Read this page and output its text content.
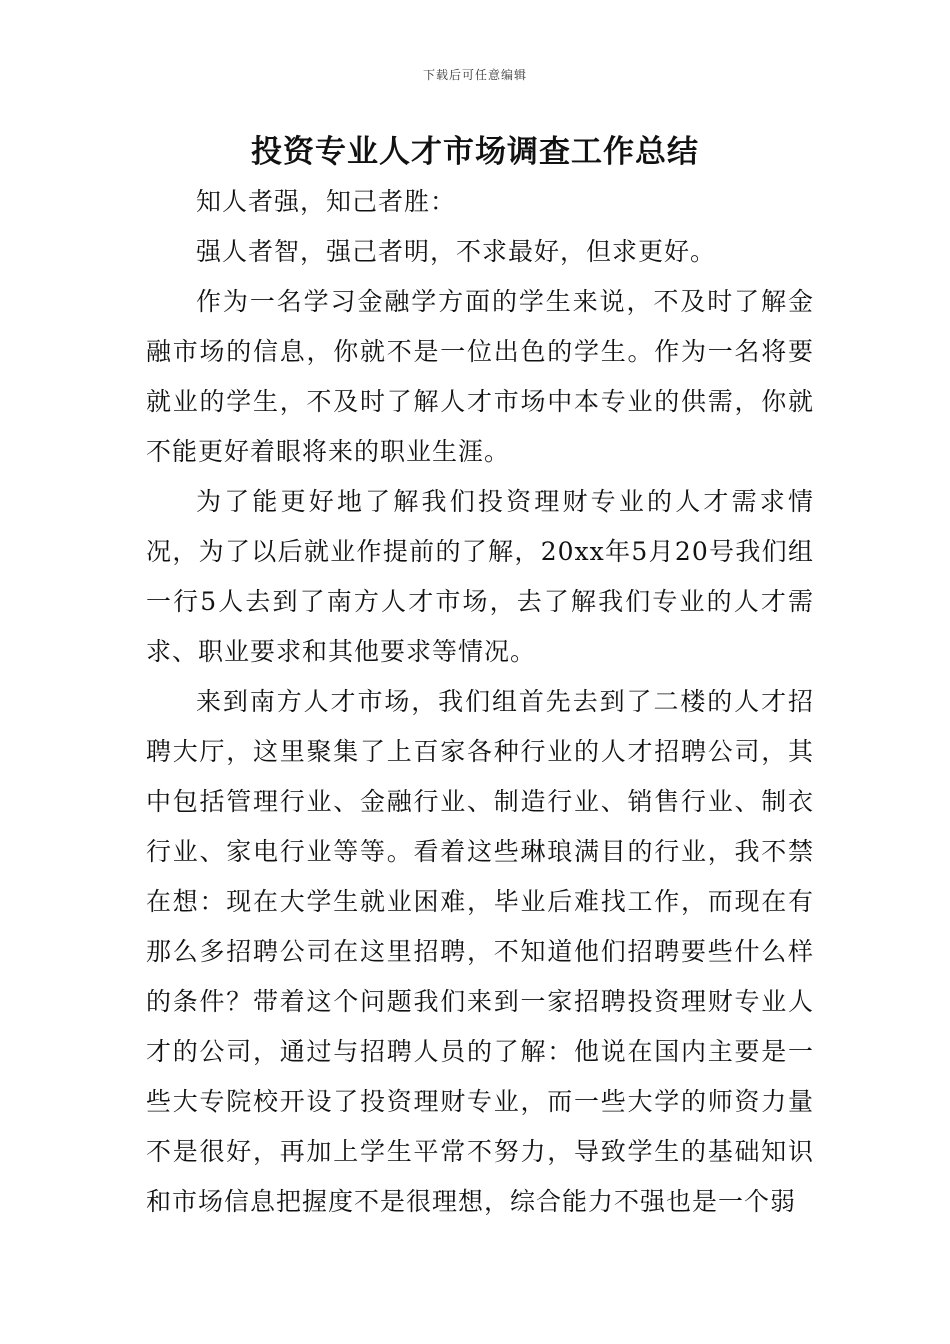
下载后可任意编辑
投资专业人才市场调查工作总结

知人者强，知己者胜：

强人者智，强己者明，不求最好，但求更好。

作为一名学习金融学方面的学生来说，不及时了解金融市场的信息，你就不是一位出色的学生。作为一名将要就业的学生，不及时了解人才市场中本专业的供需，你就不能更好着眼将来的职业生涯。

为了能更好地了解我们投资理财专业的人才需求情况，为了以后就业作提前的了解，20xx年5月20号我们组一行5人去到了南方人才市场，去了解我们专业的人才需求、职业要求和其他要求等情况。

来到南方人才市场，我们组首先去到了二楼的人才招聘大厅，这里聚集了上百家各种行业的人才招聘公司，其中包括管理行业、金融行业、制造行业、销售行业、制衣行业、家电行业等等。看着这些琳琅满目的行业，我不禁在想：现在大学生就业困难，毕业后难找工作，而现在有那么多招聘公司在这里招聘，不知道他们招聘要些什么样的条件？带着这个问题我们来到一家招聘投资理财专业人才的公司，通过与招聘人员的了解：他说在国内主要是一些大专院校开设了投资理财专业，而一些大学的师资力量不是很好，再加上学生平常不努力，导致学生的基础知识和市场信息把握度不是很理想，综合能力不强也是一个弱
